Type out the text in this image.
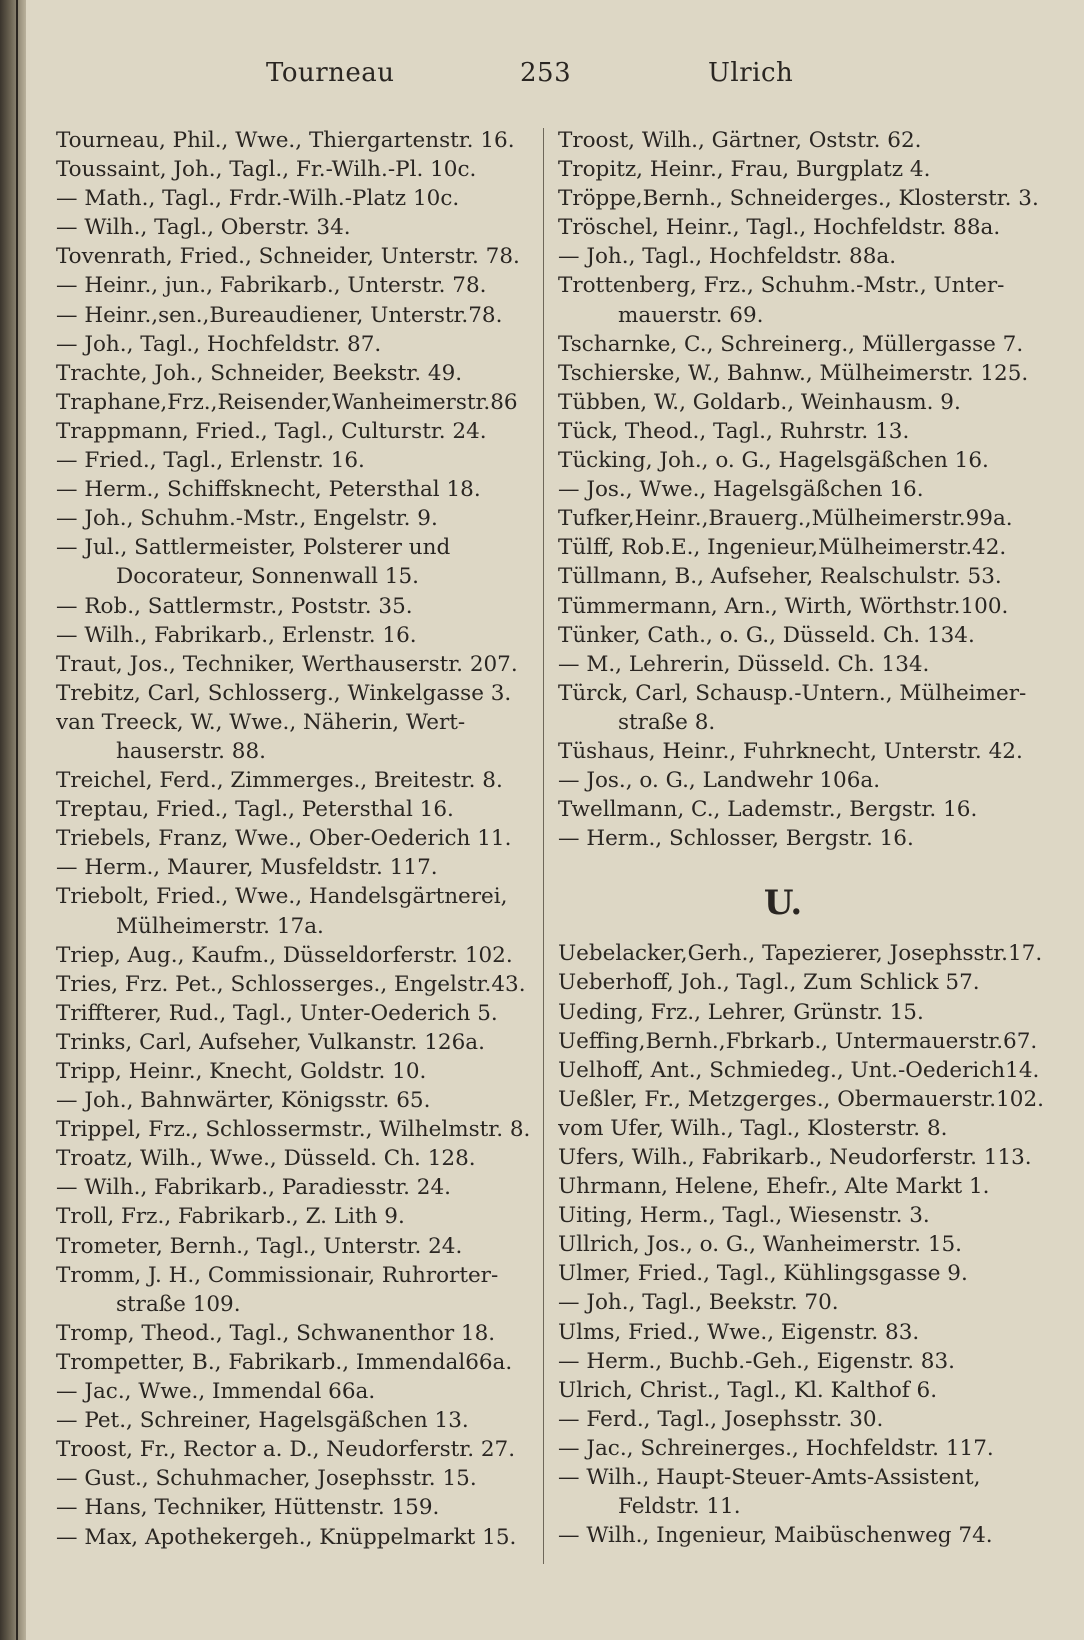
Tourneau	253	Ulrich
Tourneau, Phil., Wwe., Thiergartenstr. 16.
Toussaint, Joh., Tagl., Fr.-Wilh.-Pl. 10c.
— Math., Tagl., Frdr.-Wilh.-Platz 10c.
— Wilh., Tagl., Oberstr. 34.
Tovenrath, Fried., Schneider, Unterstr. 78.
— Heinr., jun., Fabrikarb., Unterstr. 78.
— Heinr.,sen.,Bureaudiener, Unterstr.78.
— Joh., Tagl., Hochfeldstr. 87.
Trachte, Joh., Schneider, Beekstr. 49.
Traphane,Frz.,Reisender,Wanheimerstr.86
Trappmann, Fried., Tagl., Culturstr. 24.
— Fried., Tagl., Erlenstr. 16.
— Herm., Schiffsknecht, Petersthal 18.
— Joh., Schuhm.-Mstr., Engelstr. 9.
— Jul., Sattlermeister, Polsterer und
Docorateur, Sonnenwall 15.
— Rob., Sattlermstr., Poststr. 35.
— Wilh., Fabrikarb., Erlenstr. 16.
Traut, Jos., Techniker, Werthauserstr. 207.
Trebitz, Carl, Schlosserg., Winkelgasse 3.
van Treeck, W., Wwe., Näherin, Wert-
hauserstr. 88.
Treichel, Ferd., Zimmerges., Breitestr. 8.
Treptau, Fried., Tagl., Petersthal 16.
Triebels, Franz, Wwe., Ober-Oederich 11.
— Herm., Maurer, Musfeldstr. 117.
Triebolt, Fried., Wwe., Handelsgärtnerei,
Mülheimerstr. 17a.
Triep, Aug., Kaufm., Düsseldorferstr. 102.
Tries, Frz. Pet., Schlosserges., Engelstr.43.
Triffterer, Rud., Tagl., Unter-Oederich 5.
Trinks, Carl, Aufseher, Vulkanstr. 126a.
Tripp, Heinr., Knecht, Goldstr. 10.
— Joh., Bahnwärter, Königsstr. 65.
Trippel, Frz., Schlossermstr., Wilhelmstr. 8.
Troatz, Wilh., Wwe., Düsseld. Ch. 128.
— Wilh., Fabrikarb., Paradiesstr. 24.
Troll, Frz., Fabrikarb., Z. Lith 9.
Trometer, Bernh., Tagl., Unterstr. 24.
Tromm, J. H., Commissionair, Ruhrorter-
straße 109.
Tromp, Theod., Tagl., Schwanenthor 18.
Trompetter, B., Fabrikarb., Immendal66a.
— Jac., Wwe., Immendal 66a.
— Pet., Schreiner, Hagelsgäßchen 13.
Troost, Fr., Rector a. D., Neudorferstr. 27.
— Gust., Schuhmacher, Josephsstr. 15.
— Hans, Techniker, Hüttenstr. 159.
— Max, Apothekergeh., Knüppelmarkt 15.
Troost, Wilh., Gärtner, Oststr. 62.
Tropitz, Heinr., Frau, Burgplatz 4.
Tröppe,Bernh., Schneiderges., Klosterstr. 3.
Tröschel, Heinr., Tagl., Hochfeldstr. 88a.
— Joh., Tagl., Hochfeldstr. 88a.
Trottenberg, Frz., Schuhm.-Mstr., Unter-
mauerstr. 69.
Tscharnke, C., Schreinerg., Müllergasse 7.
Tschierske, W., Bahnw., Mülheimerstr. 125.
Tübben, W., Goldarb., Weinhausm. 9.
Tück, Theod., Tagl., Ruhrstr. 13.
Tücking, Joh., o. G., Hagelsgäßchen 16.
— Jos., Wwe., Hagelsgäßchen 16.
Tufker,Heinr.,Brauerg.,Mülheimerstr.99a.
Tülff, Rob.E., Ingenieur,Mülheimerstr.42.
Tüllmann, B., Aufseher, Realschulstr. 53.
Tümmermann, Arn., Wirth, Wörthstr.100.
Tünker, Cath., o. G., Düsseld. Ch. 134.
— M., Lehrerin, Düsseld. Ch. 134.
Türck, Carl, Schausp.-Untern., Mülheimer-
straße 8.
Tüshaus, Heinr., Fuhrknecht, Unterstr. 42.
— Jos., o. G., Landwehr 106a.
Twellmann, C., Lademstr., Bergstr. 16.
— Herm., Schlosser, Bergstr. 16.
U.
Uebelacker,Gerh., Tapezierer, Josephsstr.17.
Ueberhoff, Joh., Tagl., Zum Schlick 57.
Ueding, Frz., Lehrer, Grünstr. 15.
Ueffing,Bernh.,Fbrkarb., Untermauerstr.67.
Uelhoff, Ant., Schmiedeg., Unt.-Oederich14.
Ueßler, Fr., Metzgerges., Obermauerstr.102.
vom Ufer, Wilh., Tagl., Klosterstr. 8.
Ufers, Wilh., Fabrikarb., Neudorferstr. 113.
Uhrmann, Helene, Ehefr., Alte Markt 1.
Uiting, Herm., Tagl., Wiesenstr. 3.
Ullrich, Jos., o. G., Wanheimerstr. 15.
Ulmer, Fried., Tagl., Kühlingsgasse 9.
— Joh., Tagl., Beekstr. 70.
Ulms, Fried., Wwe., Eigenstr. 83.
— Herm., Buchb.-Geh., Eigenstr. 83.
Ulrich, Christ., Tagl., Kl. Kalthof 6.
— Ferd., Tagl., Josephsstr. 30.
— Jac., Schreinerges., Hochfeldstr. 117.
— Wilh., Haupt-Steuer-Amts-Assistent,
Feldstr. 11.
— Wilh., Ingenieur, Maibüschenweg 74.
